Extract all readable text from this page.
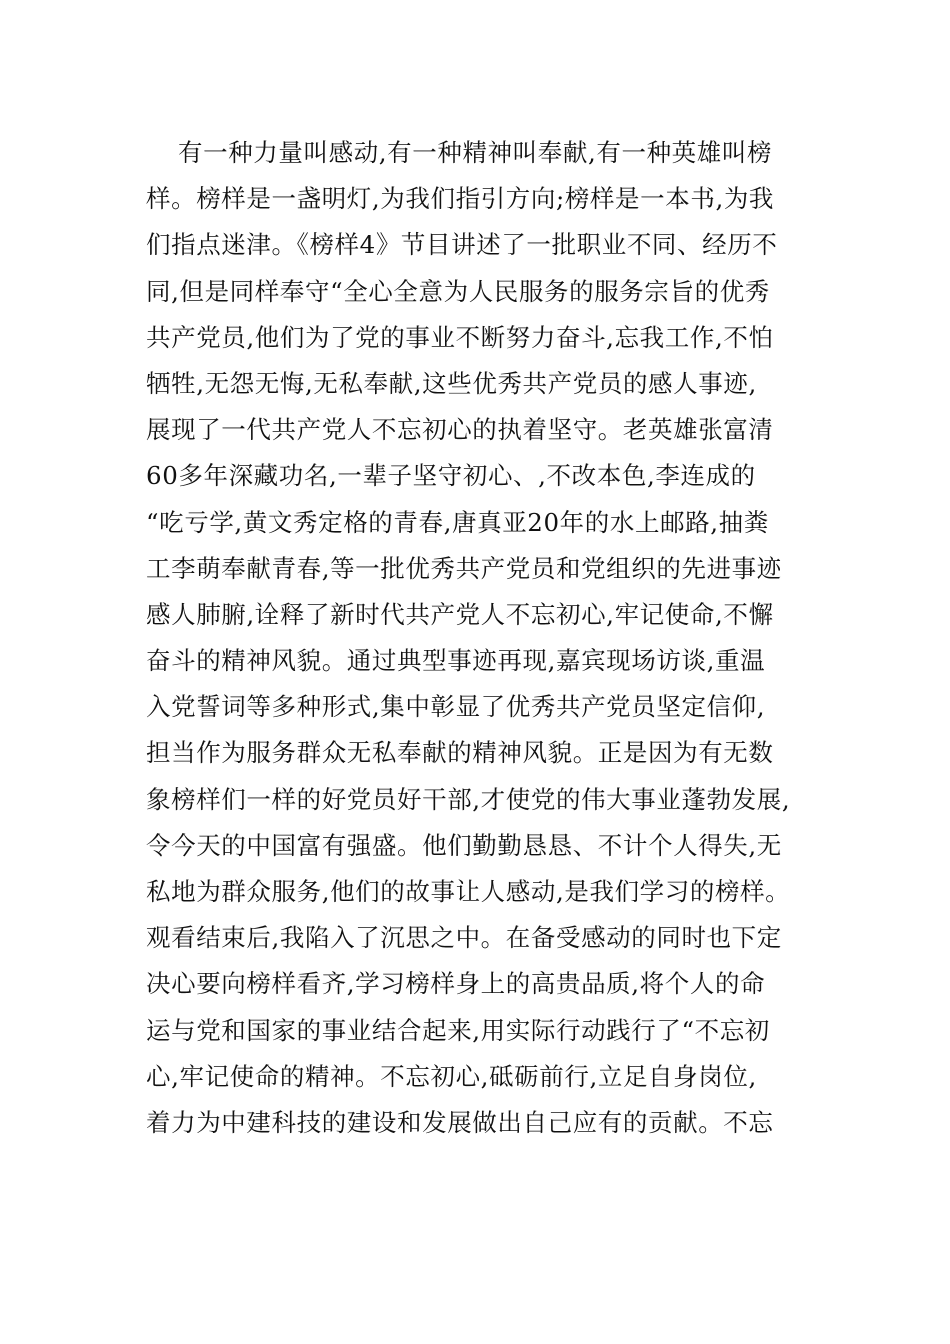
有一种力量叫感动,有一种精神叫奉献,有一种英雄叫榜
样。榜样是一盏明灯,为我们指引方向;榜样是一本书,为我
们指点迷津。《榜样4》节目讲述了一批职业不同、经历不
同,但是同样奉守“全心全意为人民服务的服务宗旨的优秀
共产党员,他们为了党的事业不断努力奋斗,忘我工作,不怕
牺牲,无怨无悔,无私奉献,这些优秀共产党员的感人事迹,
展现了一代共产党人不忘初心的执着坚守。老英雄张富清
60多年深藏功名,一辈子坚守初心、,不改本色,李连成的
“吃亏学,黄文秀定格的青春,唐真亚20年的水上邮路,抽粪
工李萌奉献青春,等一批优秀共产党员和党组织的先进事迹
感人肺腑,诠释了新时代共产党人不忘初心,牢记使命,不懈
奋斗的精神风貌。通过典型事迹再现,嘉宾现场访谈,重温
入党誓词等多种形式,集中彰显了优秀共产党员坚定信仰,
担当作为服务群众无私奉献的精神风貌。正是因为有无数
象榜样们一样的好党员好干部,才使党的伟大事业蓬勃发展,
令今天的中国富有强盛。他们勤勤恳恳、不计个人得失,无
私地为群众服务,他们的故事让人感动,是我们学习的榜样。
观看结束后,我陷入了沉思之中。在备受感动的同时也下定
决心要向榜样看齐,学习榜样身上的高贵品质,将个人的命
运与党和国家的事业结合起来,用实际行动践行了“不忘初
心,牢记使命的精神。不忘初心,砥砺前行,立足自身岗位,
着力为中建科技的建设和发展做出自己应有的贡献。不忘
